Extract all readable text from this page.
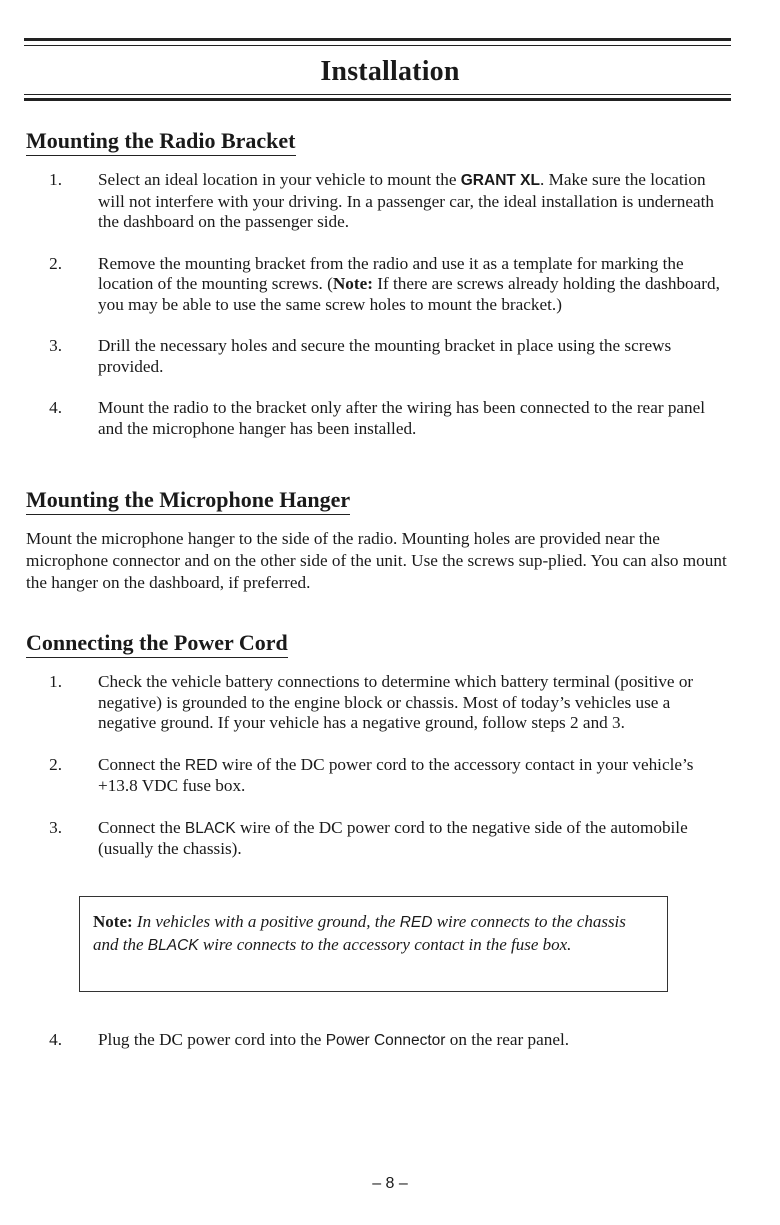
Installation
Mounting the Radio Bracket
1. Select an ideal location in your vehicle to mount the GRANT XL. Make sure the location will not interfere with your driving. In a passenger car, the ideal installation is underneath the dashboard on the passenger side.
2. Remove the mounting bracket from the radio and use it as a template for marking the location of the mounting screws. (Note: If there are screws already holding the dashboard, you may be able to use the same screw holes to mount the bracket.)
3. Drill the necessary holes and secure the mounting bracket in place using the screws provided.
4. Mount the radio to the bracket only after the wiring has been connected to the rear panel and the microphone hanger has been installed.
Mounting the Microphone Hanger
Mount the microphone hanger to the side of the radio. Mounting holes are provided near the microphone connector and on the other side of the unit. Use the screws sup-plied. You can also mount the hanger on the dashboard, if preferred.
Connecting the Power Cord
1. Check the vehicle battery connections to determine which battery terminal (positive or negative) is grounded to the engine block or chassis. Most of today’s vehicles use a negative ground. If your vehicle has a negative ground, follow steps 2 and 3.
2. Connect the RED wire of the DC power cord to the accessory contact in your vehicle’s +13.8 VDC fuse box.
3. Connect the BLACK wire of the DC power cord to the negative side of the automobile (usually the chassis).
Note: In vehicles with a positive ground, the RED wire connects to the chassis and the BLACK wire connects to the accessory contact in the fuse box.
4. Plug the DC power cord into the Power Connector on the rear panel.
– 8 –
